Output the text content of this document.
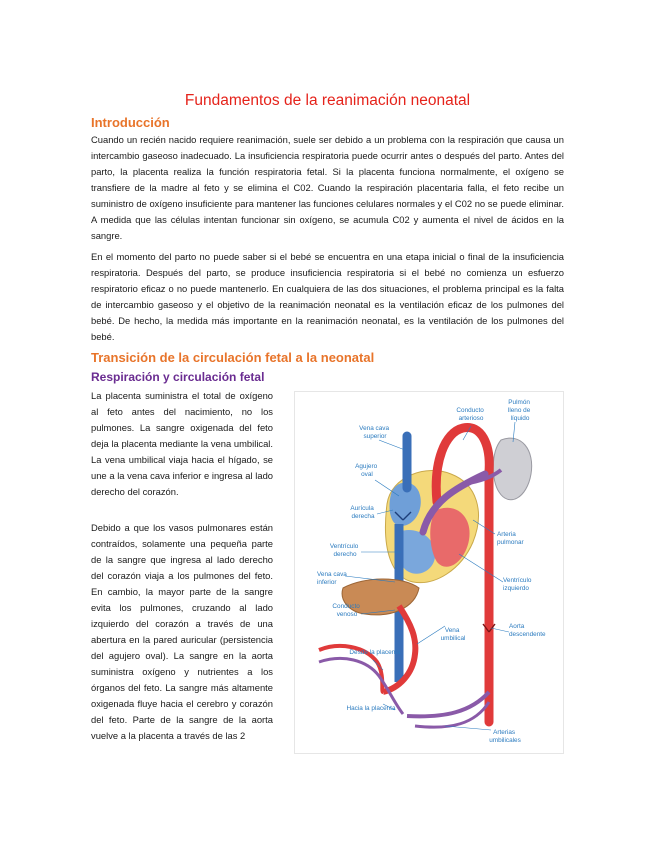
Fundamentos de la reanimación neonatal
Introducción

Cuando un recién nacido requiere reanimación, suele ser debido a un problema con la respiración que causa un intercambio gaseoso inadecuado. La insuficiencia respiratoria puede ocurrir antes o después del parto. Antes del parto, la placenta realiza la función respiratoria fetal. Si la placenta funciona normalmente, el oxígeno se transfiere de la madre al feto y se elimina el C02. Cuando la respiración placentaria falla, el feto recibe un suministro de oxígeno insuficiente para mantener las funciones celulares normales y el C02 no se puede eliminar. A medida que las células intentan funcionar sin oxígeno, se acumula C02 y aumenta el nivel de ácidos en la sangre.

En el momento del parto no puede saber si el bebé se encuentra en una etapa inicial o final de la insuficiencia respiratoria. Después del parto, se produce insuficiencia respiratoria si el bebé no comienza un esfuerzo respiratorio eficaz o no puede mantenerlo. En cualquiera de las dos situaciones, el problema principal es la falta de intercambio gaseoso y el objetivo de la reanimación neonatal es la ventilación eficaz de los pulmones del bebé. De hecho, la medida más importante en la reanimación neonatal, es la ventilación de los pulmones del bebé.

Transición de la circulación fetal a la neonatal
Respiración y circulación fetal

La placenta suministra el total de oxígeno al feto antes del nacimiento, no los pulmones. La sangre oxigenada del feto deja la placenta mediante la vena umbilical. La vena umbilical viaja hacia el hígado, se une a la vena cava inferior e ingresa al lado derecho del corazón.

Debido a que los vasos pulmonares están contraídos, solamente una pequeña parte de la sangre que ingresa al lado derecho del corazón viaja a los pulmones del feto. En cambio, la mayor parte de la sangre evita los pulmones, cruzando al lado izquierdo del corazón a través de una abertura en la pared auricular (persistencia del agujero oval). La sangre en la aorta suministra oxígeno y nutrientes a los órganos del feto. La sangre más altamente oxigenada fluye hacia el cerebro y corazón del feto. Parte de la sangre de la aorta vuelve a la placenta a través de las 2

Conducto arterioso
Pulmón lleno de líquido
Vena cava superior
Agujero oval
Aurícula derecha
Arteria pulmonar
Ventrículo derecho
Ventrículo izquierdo
Vena cava inferior
Conducto venoso
Vena umbilical
Aorta descendente
Desde la placenta
Hacia la placenta
Arterias umbilicales
